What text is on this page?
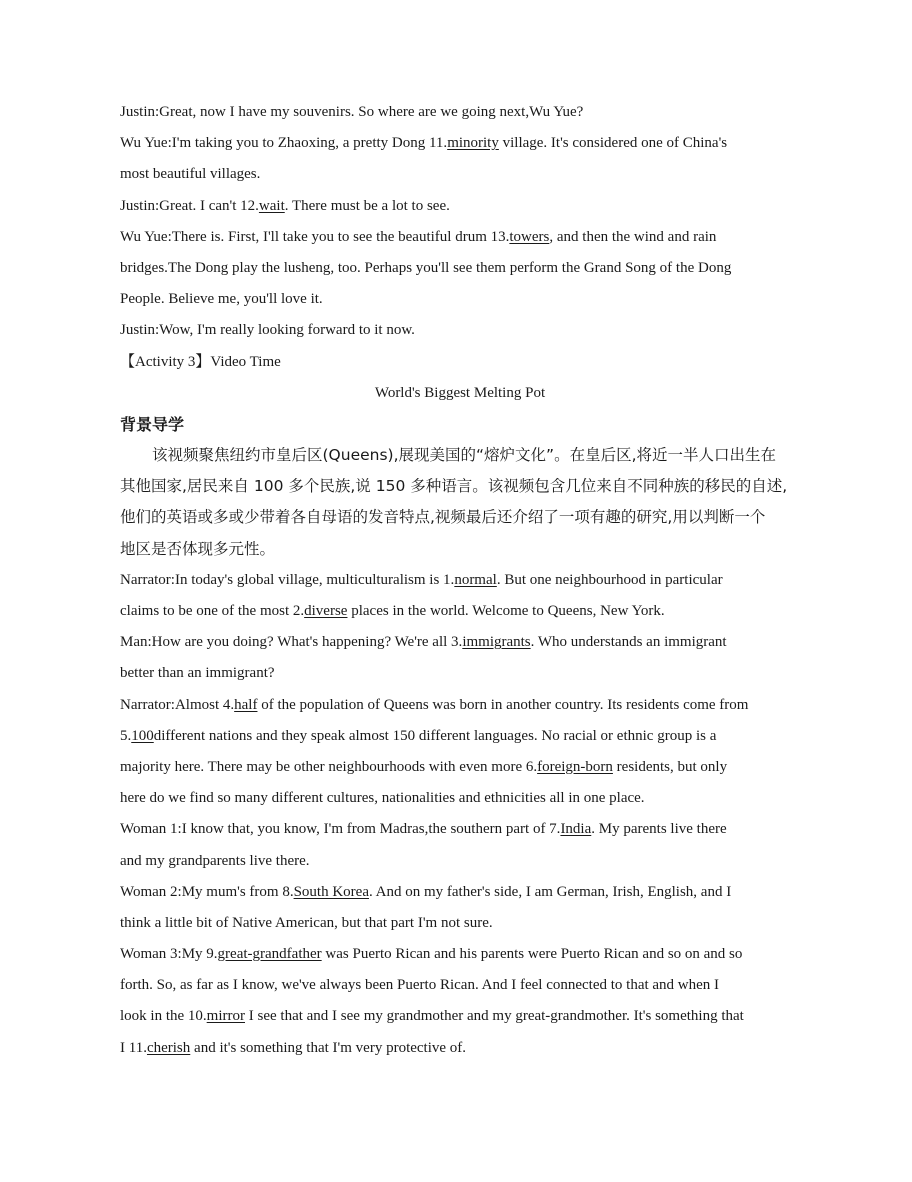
Justin:Great, now I have my souvenirs. So where are we going next,Wu Yue?
Wu Yue:I'm taking you to Zhaoxing, a pretty Dong 11.minority village. It's considered one of China's
most beautiful villages.
Justin:Great. I can't 12.wait. There must be a lot to see.
Wu Yue:There is. First, I'll take you to see the beautiful drum 13.towers, and then the wind and rain
bridges.The Dong play the lusheng, too. Perhaps you'll see them perform the Grand Song of the Dong
People. Believe me, you'll love it.
Justin:Wow, I'm really looking forward to it now.
【Activity 3】Video Time
World's Biggest Melting Pot
背景导学
该视频聚焦纽约市皇后区(Queens),展现美国的“熔炉文化”。在皇后区,将近一半人口出生在
其他国家,居民来自 100 多个民族,说 150 多种语言。该视频包含几位来自不同种族的移民的自述,
他们的英语或多或少带着各自母语的发音特点,视频最后还介绍了一项有趣的研究,用以判断一个
地区是否体现多元性。
Narrator:In today's global village, multiculturalism is 1.normal. But one neighbourhood in particular
claims to be one of the most 2.diverse places in the world. Welcome to Queens, New York.
Man:How are you doing? What's happening? We're all 3.immigrants. Who understands an immigrant
better than an immigrant?
Narrator:Almost 4.half of the population of Queens was born in another country. Its residents come from
5.100different nations and they speak almost 150 different languages. No racial or ethnic group is a
majority here. There may be other neighbourhoods with even more 6.foreign-born residents, but only
here do we find so many different cultures, nationalities and ethnicities all in one place.
Woman 1:I know that, you know, I'm from Madras,the southern part of 7.India. My parents live there
and my grandparents live there.
Woman 2:My mum's from 8.South Korea. And on my father's side, I am German, Irish, English, and I
think a little bit of Native American, but that part I'm not sure.
Woman 3:My 9.great-grandfather was Puerto Rican and his parents were Puerto Rican and so on and so
forth. So, as far as I know, we've always been Puerto Rican. And I feel connected to that and when I
look in the 10.mirror I see that and I see my grandmother and my great-grandmother. It's something that
I 11.cherish and it's something that I'm very protective of.
